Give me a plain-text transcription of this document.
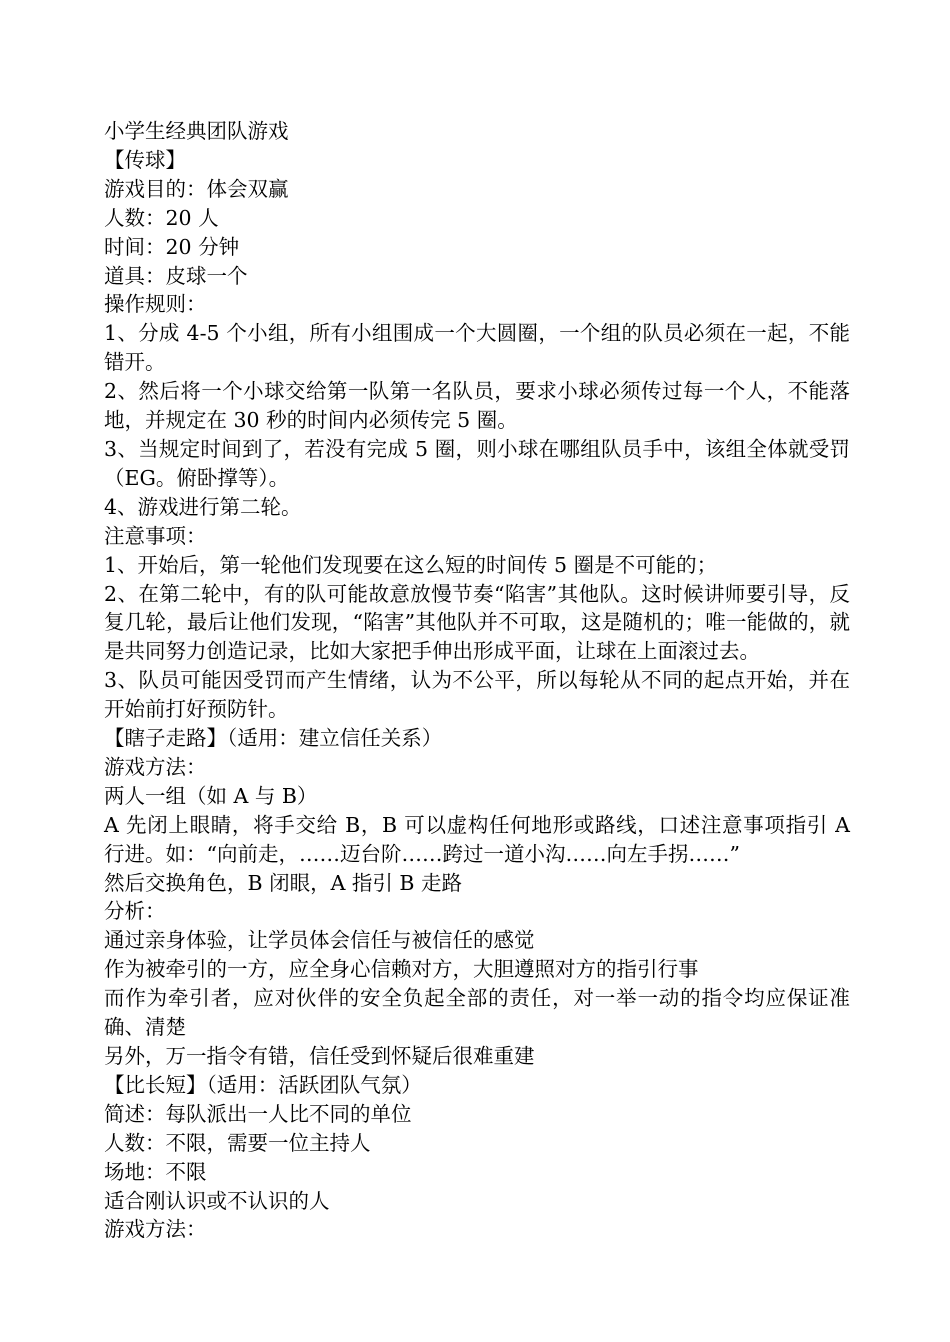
小学生经典团队游戏

【传球】

游戏目的：体会双赢

人数：20 人

时间：20 分钟

道具：皮球一个

操作规则：

1、分成 4-5 个小组，所有小组围成一个大圆圈，一个组的队员必须在一起，不能错开。

2、然后将一个小球交给第一队第一名队员，要求小球必须传过每一个人，不能落地，并规定在 30 秒的时间内必须传完 5 圈。

3、当规定时间到了，若没有完成 5 圈，则小球在哪组队员手中，该组全体就受罚（EG。俯卧撑等）。

4、游戏进行第二轮。

注意事项：

1、开始后，第一轮他们发现要在这么短的时间传 5 圈是不可能的；

2、在第二轮中，有的队可能故意放慢节奏“陷害”其他队。这时候讲师要引导，反复几轮，最后让他们发现，“陷害”其他队并不可取，这是随机的；唯一能做的，就是共同努力创造记录，比如大家把手伸出形成平面，让球在上面滚过去。

3、队员可能因受罚而产生情绪，认为不公平，所以每轮从不同的起点开始，并在开始前打好预防针。

【瞎子走路】（适用：建立信任关系）

游戏方法：

两人一组（如 A 与 B）

A 先闭上眼睛，将手交给 B，B 可以虚构任何地形或路线，口述注意事项指引 A 行进。如：“向前走，……迈台阶……跨过一道小沟……向左手拐……”

然后交换角色，B 闭眼，A 指引 B 走路

分析：

通过亲身体验，让学员体会信任与被信任的感觉

作为被牵引的一方，应全身心信赖对方，大胆遵照对方的指引行事

而作为牵引者，应对伙伴的安全负起全部的责任，对一举一动的指令均应保证准确、清楚

另外，万一指令有错，信任受到怀疑后很难重建

【比长短】（适用：活跃团队气氛）

简述：每队派出一人比不同的单位

人数：不限，需要一位主持人

场地：不限

适合刚认识或不认识的人

游戏方法：
